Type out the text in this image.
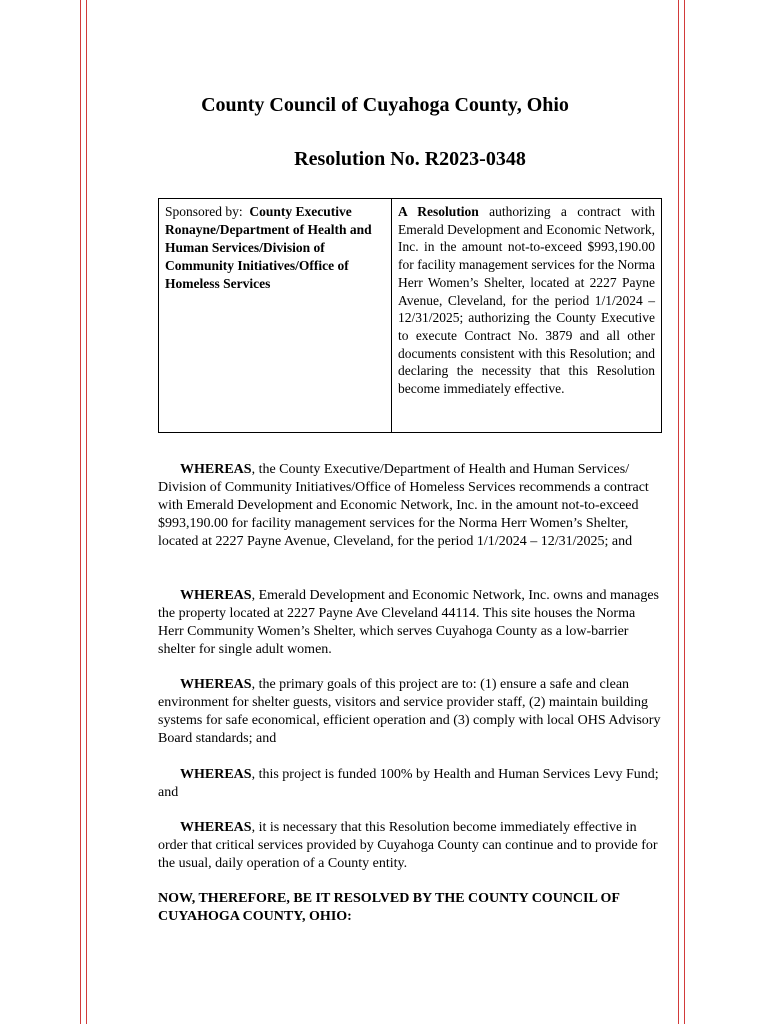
County Council of Cuyahoga County, Ohio
Resolution No. R2023-0348
Sponsored by: County Executive Ronayne/Department of Health and Human Services/Division of Community Initiatives/Office of Homeless Services
A Resolution authorizing a contract with Emerald Development and Economic Network, Inc. in the amount not-to-exceed $993,190.00 for facility management services for the Norma Herr Women’s Shelter, located at 2227 Payne Avenue, Cleveland, for the period 1/1/2024 – 12/31/2025; authorizing the County Executive to execute Contract No. 3879 and all other documents consistent with this Resolution; and declaring the necessity that this Resolution become immediately effective.

WHEREAS, the County Executive/Department of Health and Human Services/ Division of Community Initiatives/Office of Homeless Services recommends a contract with Emerald Development and Economic Network, Inc. in the amount not-to-exceed $993,190.00 for facility management services for the Norma Herr Women’s Shelter, located at 2227 Payne Avenue, Cleveland, for the period 1/1/2024 – 12/31/2025; and

WHEREAS, Emerald Development and Economic Network, Inc. owns and manages the property located at 2227 Payne Ave Cleveland 44114. This site houses the Norma Herr Community Women’s Shelter, which serves Cuyahoga County as a low-barrier shelter for single adult women.

WHEREAS, the primary goals of this project are to: (1) ensure a safe and clean environment for shelter guests, visitors and service provider staff, (2) maintain building systems for safe economical, efficient operation and (3) comply with local OHS Advisory Board standards; and

WHEREAS, this project is funded 100% by Health and Human Services Levy Fund; and

WHEREAS, it is necessary that this Resolution become immediately effective in order that critical services provided by Cuyahoga County can continue and to provide for the usual, daily operation of a County entity.

NOW, THEREFORE, BE IT RESOLVED BY THE COUNTY COUNCIL OF CUYAHOGA COUNTY, OHIO:
